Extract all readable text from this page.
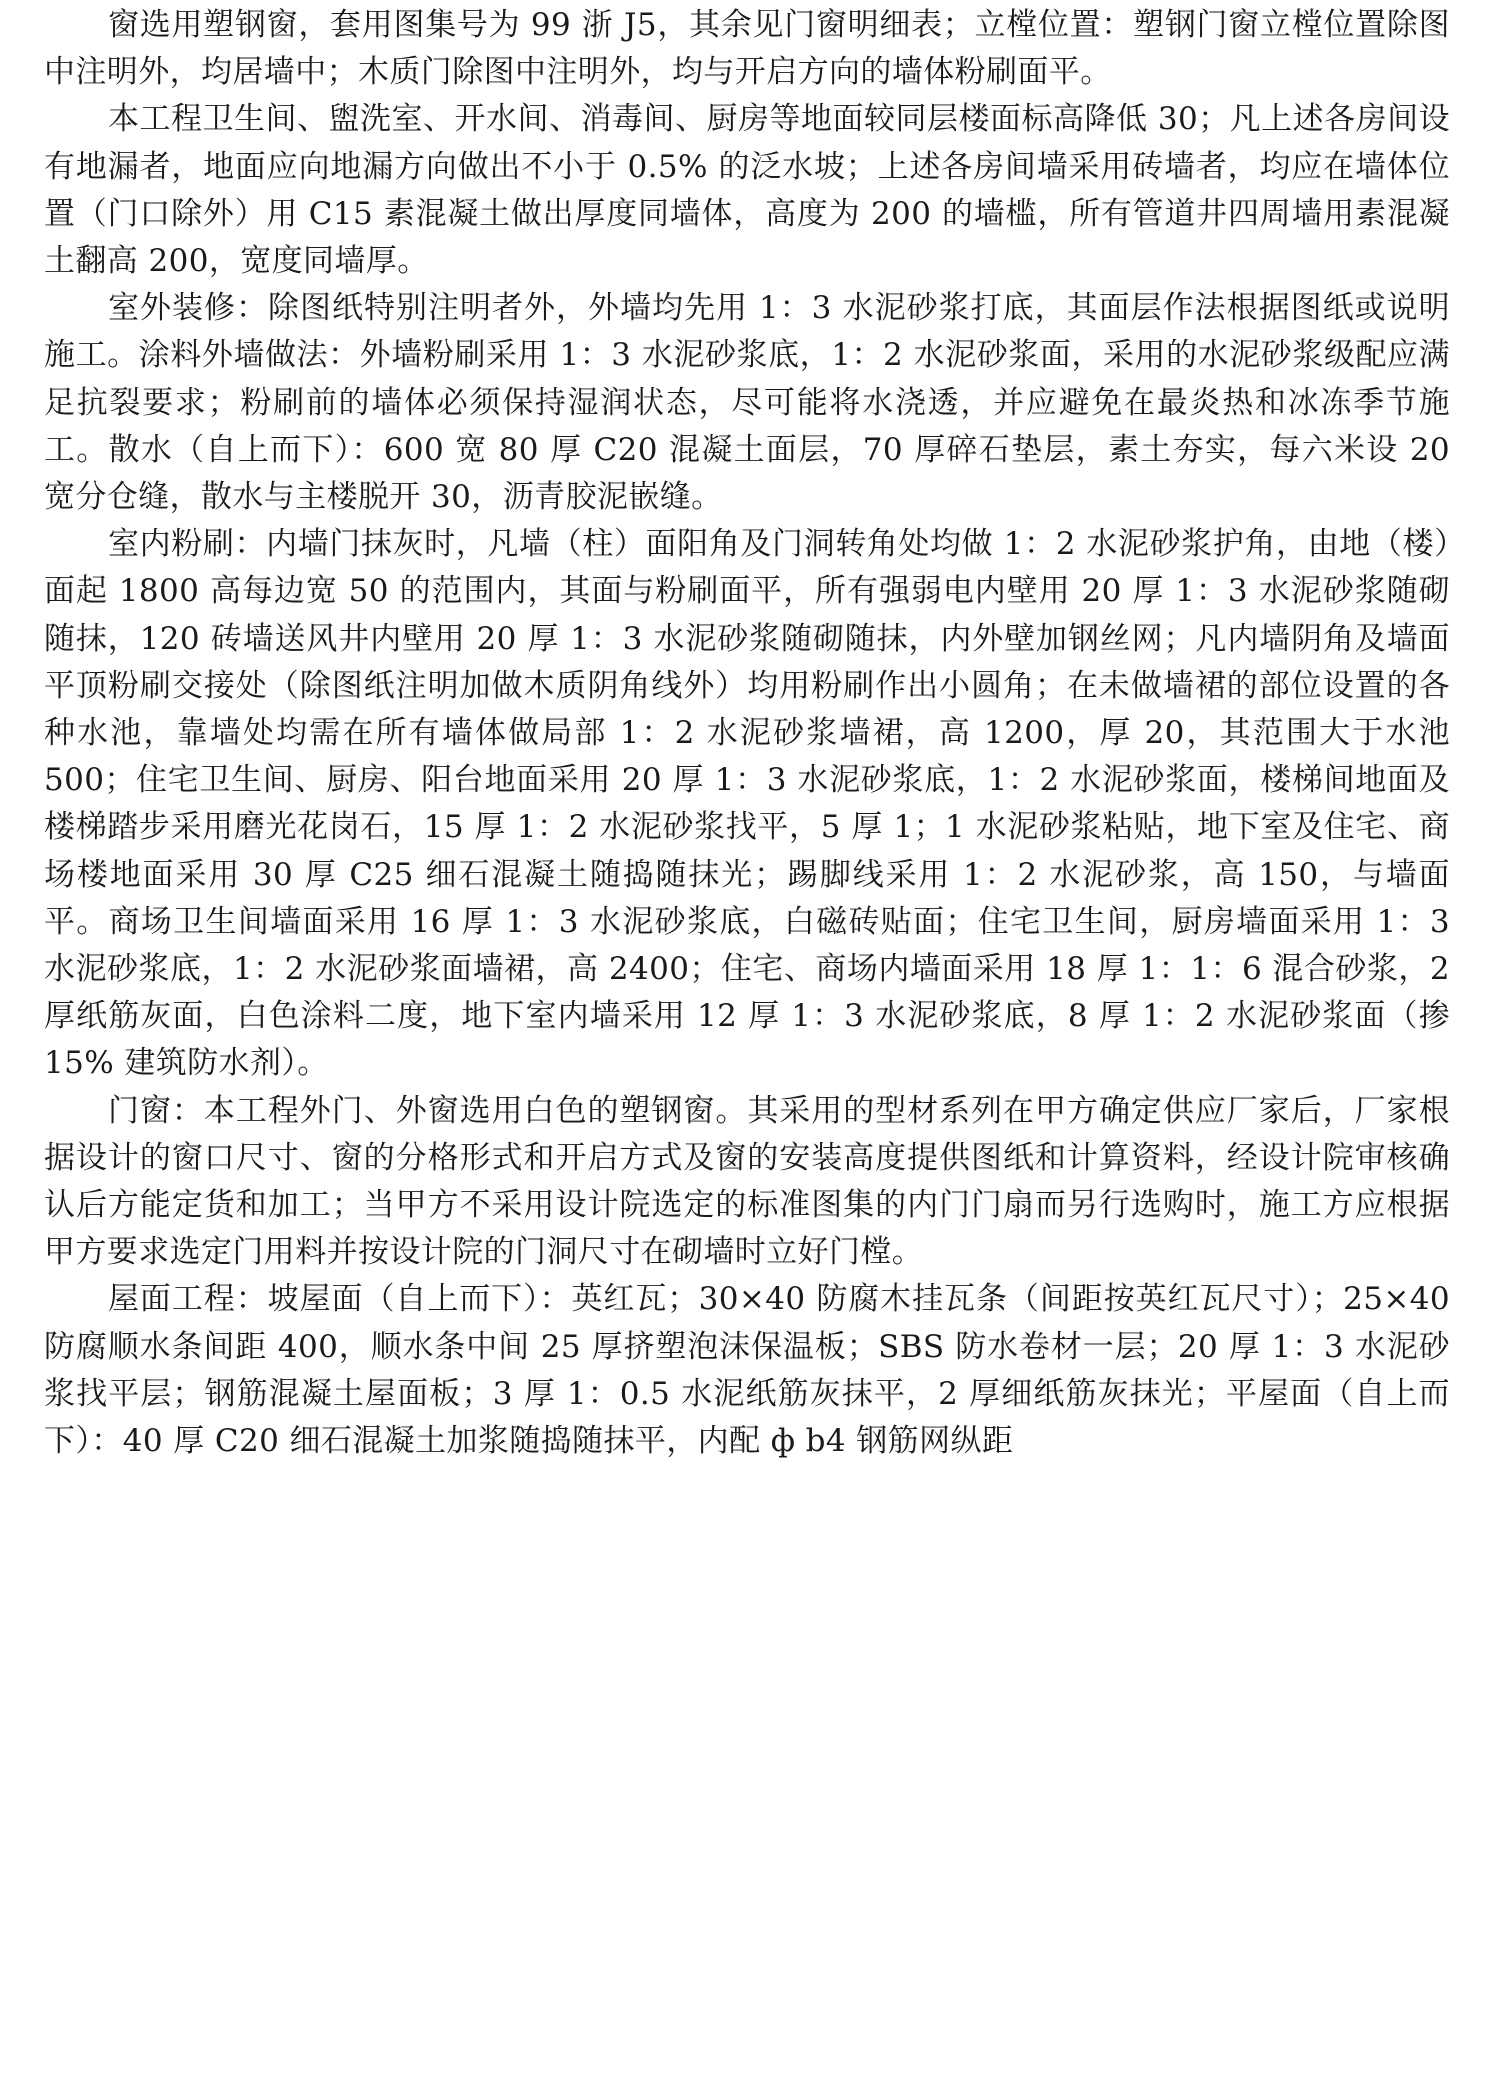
窗选用塑钢窗，套用图集号为 99 浙 J5，其余见门窗明细表；立樘位置：塑钢门窗立樘位置除图中注明外，均居墙中；木质门除图中注明外，均与开启方向的墙体粉刷面平。

本工程卫生间、盥洗室、开水间、消毒间、厨房等地面较同层楼面标高降低 30；凡上述各房间设有地漏者，地面应向地漏方向做出不小于 0.5% 的泛水坡；上述各房间墙采用砖墙者，均应在墙体位置（门口除外）用 C15 素混凝土做出厚度同墙体，高度为 200 的墙槛，所有管道井四周墙用素混凝土翻高 200，宽度同墙厚。

室外装修：除图纸特别注明者外，外墙均先用 1：3 水泥砂浆打底，其面层作法根据图纸或说明施工。涂料外墙做法：外墙粉刷采用 1：3 水泥砂浆底，1：2 水泥砂浆面，采用的水泥砂浆级配应满足抗裂要求；粉刷前的墙体必须保持湿润状态，尽可能将水浇透，并应避免在最炎热和冰冻季节施工。散水（自上而下）：600 宽 80 厚 C20 混凝土面层，70 厚碎石垫层，素土夯实，每六米设 20 宽分仓缝，散水与主楼脱开 30，沥青胶泥嵌缝。

室内粉刷：内墙门抹灰时，凡墙（柱）面阳角及门洞转角处均做 1：2 水泥砂浆护角，由地（楼）面起 1800 高每边宽 50 的范围内，其面与粉刷面平，所有强弱电内壁用 20 厚 1：3 水泥砂浆随砌随抹，120 砖墙送风井内壁用 20 厚 1：3 水泥砂浆随砌随抹，内外壁加钢丝网；凡内墙阴角及墙面平顶粉刷交接处（除图纸注明加做木质阴角线外）均用粉刷作出小圆角；在未做墙裙的部位设置的各种水池，靠墙处均需在所有墙体做局部 1：2 水泥砂浆墙裙，高 1200，厚 20，其范围大于水池 500；住宅卫生间、厨房、阳台地面采用 20 厚 1：3 水泥砂浆底，1：2 水泥砂浆面，楼梯间地面及楼梯踏步采用磨光花岗石，15 厚 1：2 水泥砂浆找平，5 厚 1；1 水泥砂浆粘贴，地下室及住宅、商场楼地面采用 30 厚 C25 细石混凝土随捣随抹光；踢脚线采用 1：2 水泥砂浆，高 150，与墙面平。商场卫生间墙面采用 16 厚 1：3 水泥砂浆底，白磁砖贴面；住宅卫生间，厨房墙面采用 1：3 水泥砂浆底，1：2 水泥砂浆面墙裙，高 2400；住宅、商场内墙面采用 18 厚 1：1：6 混合砂浆，2 厚纸筋灰面，白色涂料二度，地下室内墙采用 12 厚 1：3 水泥砂浆底，8 厚 1：2 水泥砂浆面（掺 15% 建筑防水剂）。

门窗：本工程外门、外窗选用白色的塑钢窗。其采用的型材系列在甲方确定供应厂家后，厂家根据设计的窗口尺寸、窗的分格形式和开启方式及窗的安装高度提供图纸和计算资料，经设计院审核确认后方能定货和加工；当甲方不采用设计院选定的标准图集的内门门扇而另行选购时，施工方应根据甲方要求选定门用料并按设计院的门洞尺寸在砌墙时立好门樘。

屋面工程：坡屋面（自上而下）：英红瓦；30×40 防腐木挂瓦条（间距按英红瓦尺寸）；25×40 防腐顺水条间距 400，顺水条中间 25 厚挤塑泡沫保温板；SBS 防水卷材一层；20 厚 1：3 水泥砂浆找平层；钢筋混凝土屋面板；3 厚 1：0.5 水泥纸筋灰抹平，2 厚细纸筋灰抹光；平屋面（自上而下）：40 厚 C20 细石混凝土加浆随捣随抹平，内配 ф b4 钢筋网纵距
